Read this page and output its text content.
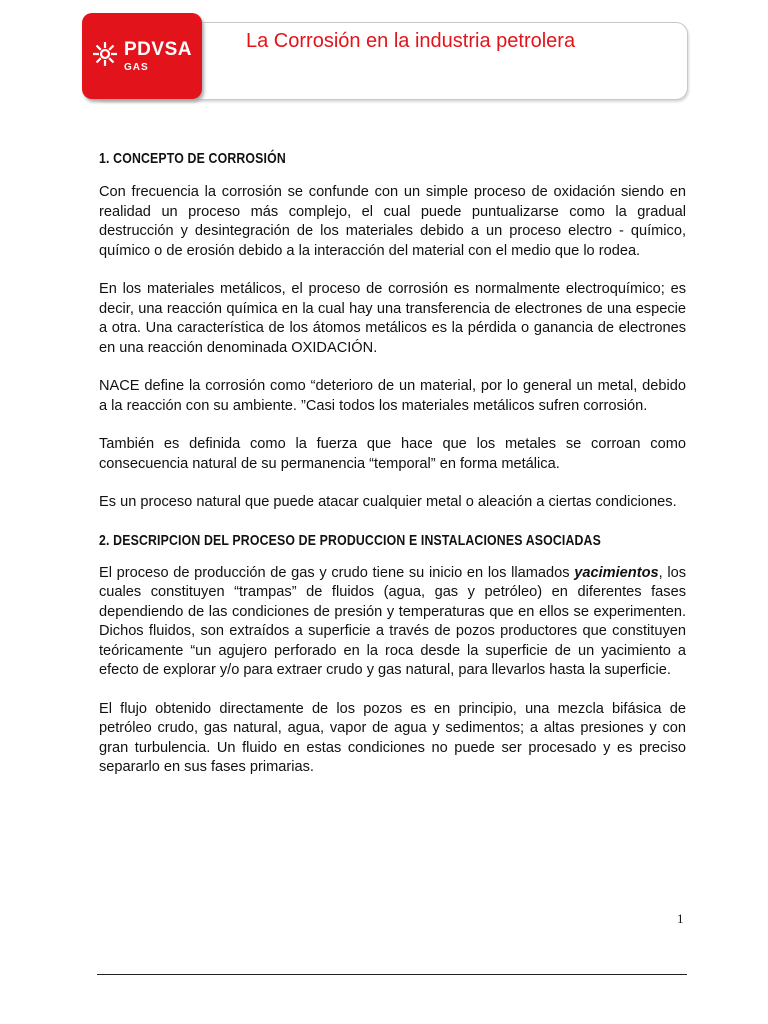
PDVSA
GAS
La Corrosión en la industria petrolera
1. CONCEPTO DE CORROSIÓN

Con frecuencia la corrosión se confunde con un simple proceso de oxidación siendo en realidad un proceso más complejo, el cual puede puntualizarse como la gradual destrucción y desintegración de los materiales debido a un proceso electro - químico, químico o de erosión debido a la interacción del material con el medio que lo rodea.

En los materiales metálicos, el proceso de corrosión es normalmente electroquímico; es decir, una reacción química en la cual hay una transferencia de electrones de una especie a otra. Una característica de los átomos metálicos es la pérdida o ganancia de electrones en una reacción denominada OXIDACIÓN.

NACE define la corrosión como “deterioro de un material, por lo general un metal, debido a la reacción con su ambiente. ”Casi todos los materiales metálicos sufren corrosión.

También es definida como la fuerza que hace que los metales se corroan como consecuencia natural de su permanencia “temporal” en forma metálica.

Es un proceso natural que puede atacar cualquier metal o aleación a ciertas condiciones.

2. DESCRIPCION DEL PROCESO DE PRODUCCION E INSTALACIONES ASOCIADAS

El proceso de producción de gas y crudo tiene su inicio en los llamados yacimientos, los cuales constituyen “trampas” de fluidos (agua, gas y petróleo) en diferentes fases dependiendo de las condiciones de presión y temperaturas que en ellos se experimenten. Dichos fluidos, son extraídos a superficie a través de pozos productores que constituyen teóricamente “un agujero perforado en la roca desde la superficie de un yacimiento a efecto de explorar y/o para extraer crudo y gas natural, para llevarlos hasta la superficie.

El flujo obtenido directamente de los pozos es en principio, una mezcla bifásica de petróleo crudo, gas natural, agua, vapor de agua y sedimentos; a altas presiones y con gran turbulencia. Un fluido en estas condiciones no puede ser procesado y es preciso separarlo en sus fases primarias.

1
